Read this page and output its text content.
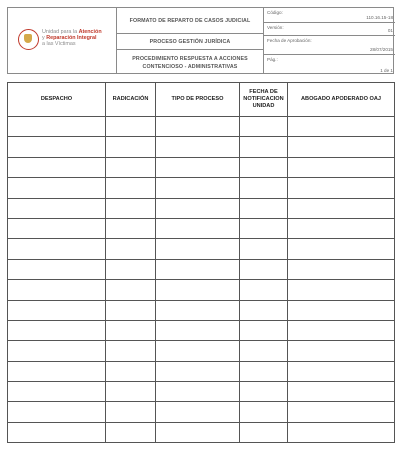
Unidad para la Atención
y Reparación Integral
a las Víctimas
FORMATO DE REPARTO DE CASOS JUDICIAL
PROCESO GESTIÓN JURÍDICA
PROCEDIMIENTO RESPUESTA A ACCIONES CONTENCIOSO - ADMINISTRATIVAS
Código:
110.16.15-18
Versión:
01
Fecha de Aprobación:
28/07/2015
Pág.:
1 de 1
DESPACHO	RADICACIÓN	TIPO DE PROCESO	FECHA DE NOTIFICACION UNIDAD	ABOGADO APODERADO OAJ
